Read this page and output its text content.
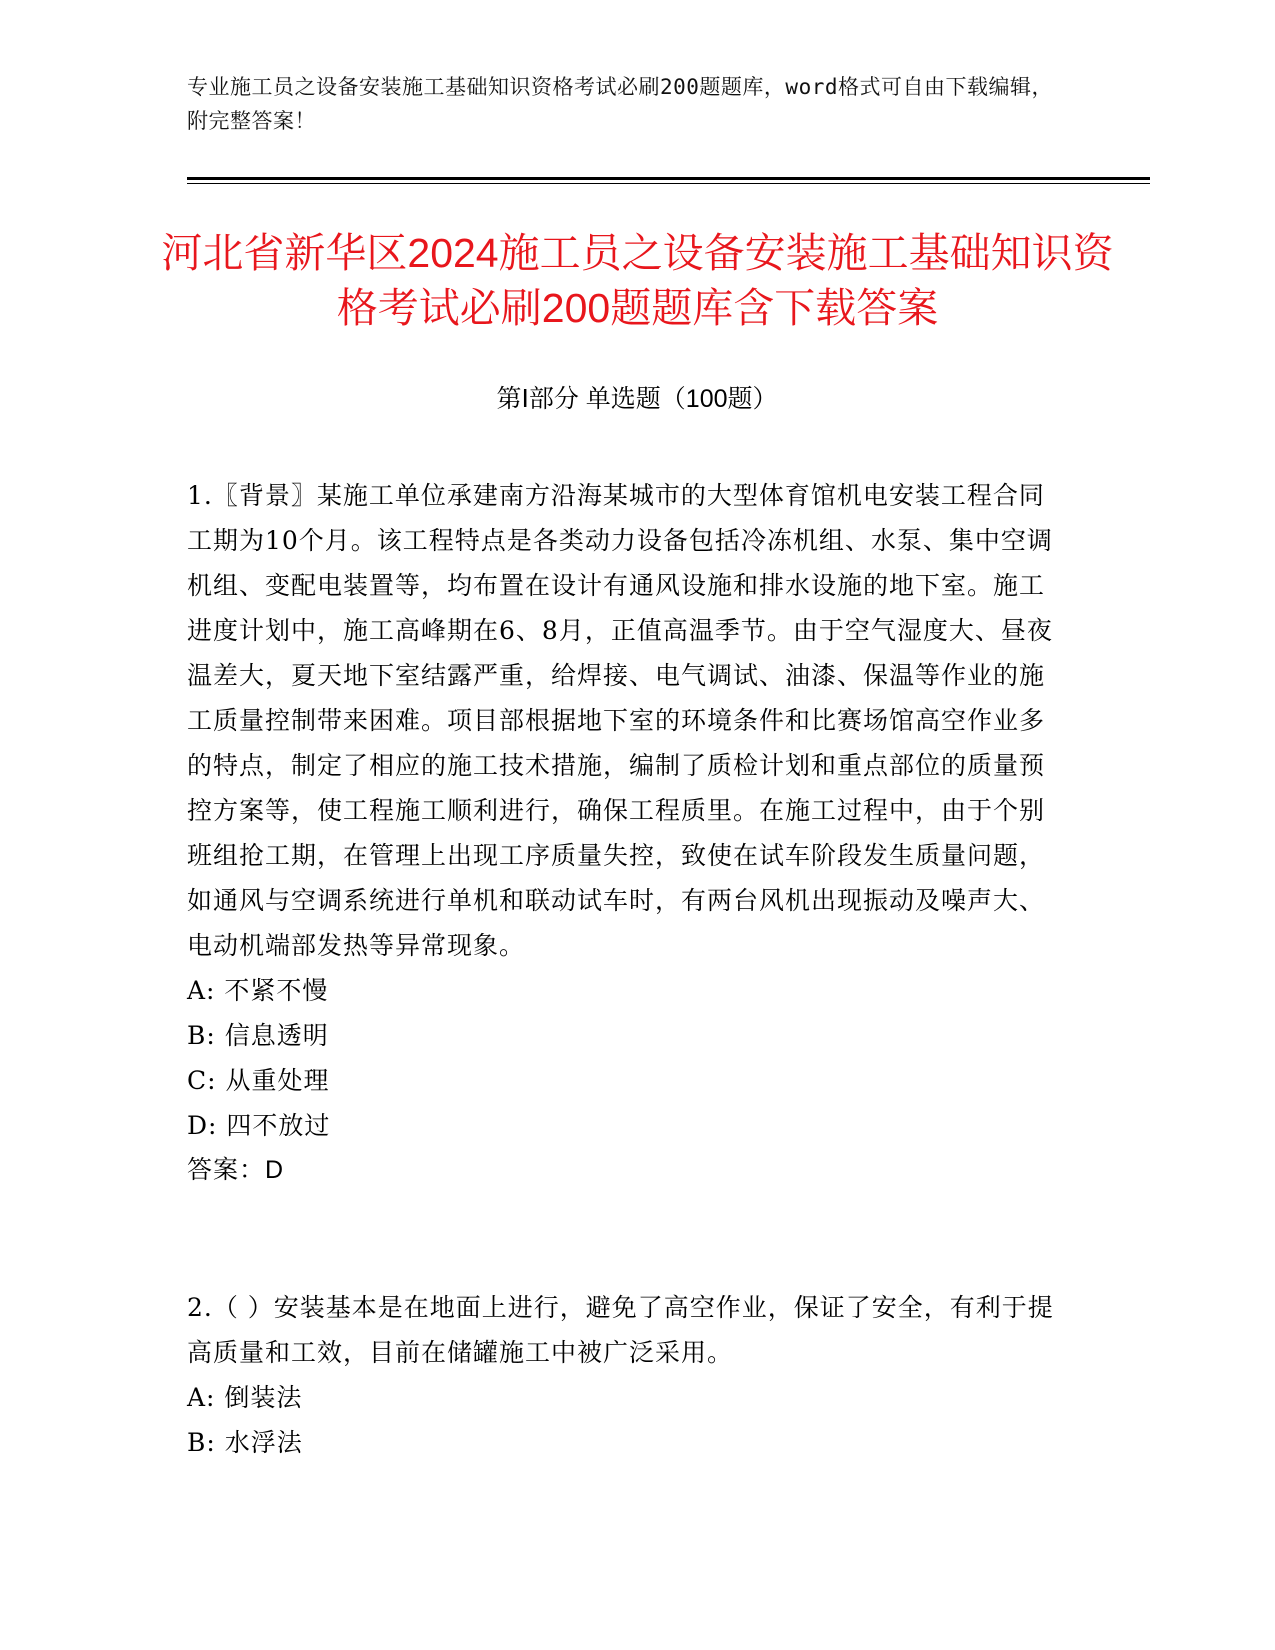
专业施工员之设备安装施工基础知识资格考试必刷200题题库，word格式可自由下载编辑，附完整答案！
河北省新华区2024施工员之设备安装施工基础知识资格考试必刷200题题库含下载答案
第Ⅰ部分 单选题（100题）

1.〖背景〗某施工单位承建南方沿海某城市的大型体育馆机电安装工程合同工期为10个月。该工程特点是各类动力设备包括冷冻机组、水泵、集中空调机组、变配电装置等，均布置在设计有通风设施和排水设施的地下室。施工进度计划中，施工高峰期在6、8月，正值高温季节。由于空气湿度大、昼夜温差大，夏天地下室结露严重，给焊接、电气调试、油漆、保温等作业的施工质量控制带来困难。项目部根据地下室的环境条件和比赛场馆高空作业多的特点，制定了相应的施工技术措施，编制了质检计划和重点部位的质量预控方案等，使工程施工顺利进行，确保工程质里。在施工过程中，由于个别班组抢工期，在管理上出现工序质量失控，致使在试车阶段发生质量问题，如通风与空调系统进行单机和联动试车时，有两台风机出现振动及噪声大、电动机端部发热等异常现象。

A: 不紧不慢

B: 信息透明

C: 从重处理

D: 四不放过

答案：D

2.（ ）安装基本是在地面上进行，避免了高空作业，保证了安全，有利于提高质量和工效，目前在储罐施工中被广泛采用。

A: 倒装法

B: 水浮法
